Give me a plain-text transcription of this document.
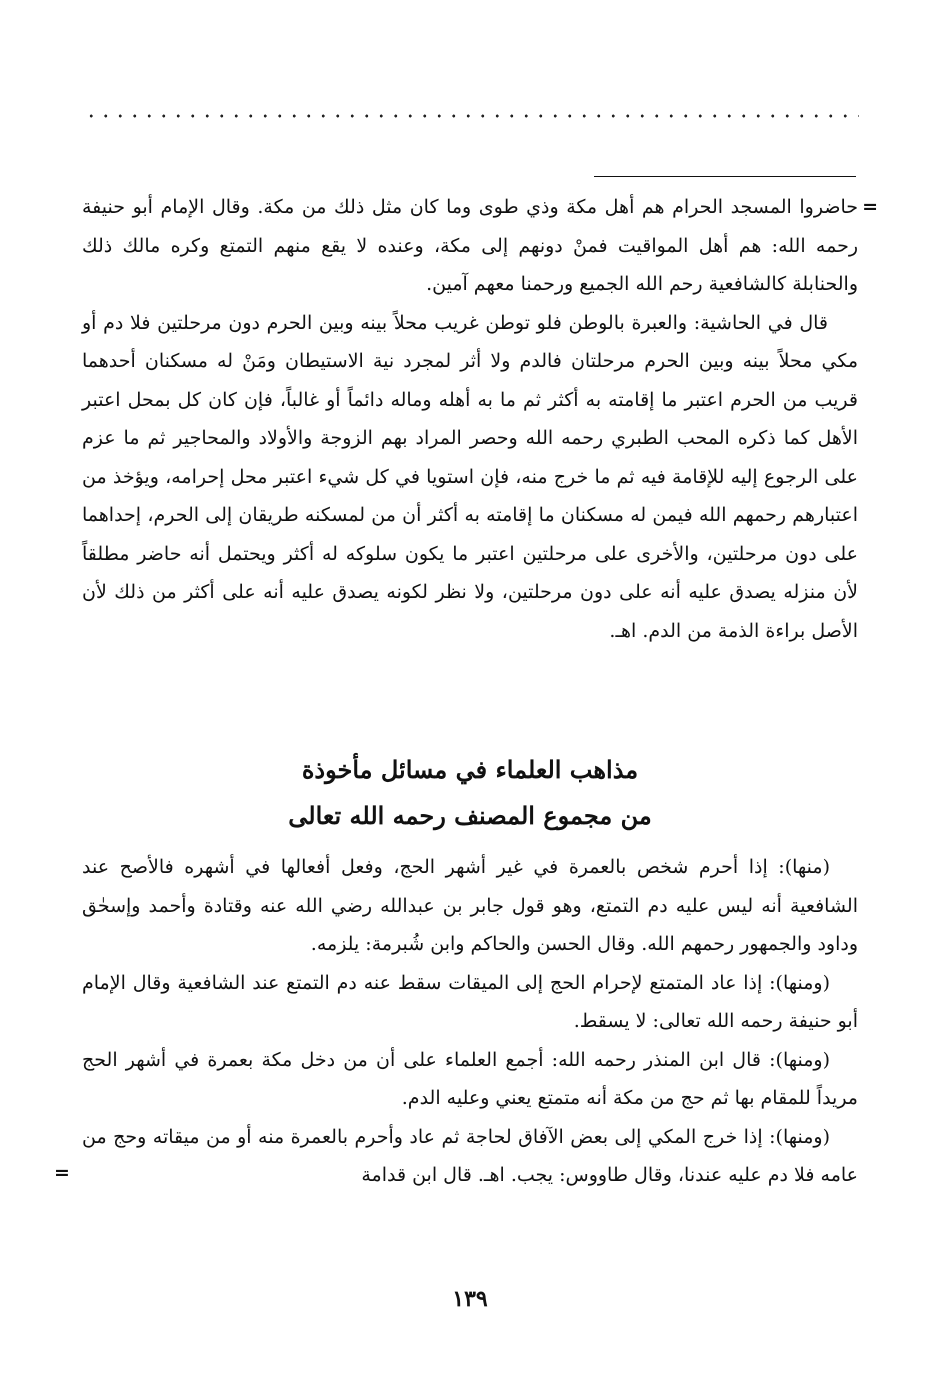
=
حاضروا المسجد الحرام هم أهل مكة وذي طوى وما كان مثل ذلك من مكة. وقال الإمام أبو حنيفة رحمه الله: هم أهل المواقيت فمنْ دونهم إلى مكة، وعنده لا يقع منهم التمتع وكره مالك ذلك والحنابلة كالشافعية رحم الله الجميع ورحمنا معهم آمين.

قال في الحاشية: والعبرة بالوطن فلو توطن غريب محلاً بينه وبين الحرم دون مرحلتين فلا دم أو مكي محلاً بينه وبين الحرم مرحلتان فالدم ولا أثر لمجرد نية الاستيطان ومَنْ له مسكنان أحدهما قريب من الحرم اعتبر ما إقامته به أكثر ثم ما به أهله وماله دائماً أو غالباً، فإن كان كل بمحل اعتبر الأهل كما ذكره المحب الطبري رحمه الله وحصر المراد بهم الزوجة والأولاد والمحاجير ثم ما عزم على الرجوع إليه للإقامة فيه ثم ما خرج منه، فإن استويا في كل شيء اعتبر محل إحرامه، ويؤخذ من اعتبارهم رحمهم الله فيمن له مسكنان ما إقامته به أكثر أن من لمسكنه طريقان إلى الحرم، إحداهما على دون مرحلتين، والأخرى على مرحلتين اعتبر ما يكون سلوكه له أكثر ويحتمل أنه حاضر مطلقاً لأن منزله يصدق عليه أنه على دون مرحلتين، ولا نظر لكونه يصدق عليه أنه على أكثر من ذلك لأن الأصل براءة الذمة من الدم. اهـ.

مذاهب العلماء في مسائل مأخوذة
من مجموع المصنف رحمه الله تعالى

(منها): إذا أحرم شخص بالعمرة في غير أشهر الحج، وفعل أفعالها في أشهره فالأصح عند الشافعية أنه ليس عليه دم التمتع، وهو قول جابر بن عبدالله رضي الله عنه وقتادة وأحمد وإسحٰق وداود والجمهور رحمهم الله. وقال الحسن والحاكم وابن شُبرمة: يلزمه.

(ومنها): إذا عاد المتمتع لإحرام الحج إلى الميقات سقط عنه دم التمتع عند الشافعية وقال الإمام أبو حنيفة رحمه الله تعالى: لا يسقط.

(ومنها): قال ابن المنذر رحمه الله: أجمع العلماء على أن من دخل مكة بعمرة في أشهر الحج مريداً للمقام بها ثم حج من مكة أنه متمتع يعني وعليه الدم.

(ومنها): إذا خرج المكي إلى بعض الآفاق لحاجة ثم عاد وأحرم بالعمرة منه أو من ميقاته وحج من عامه فلا دم عليه عندنا، وقال طاووس: يجب. اهـ. قال ابن قدامة
=

١٣٩
